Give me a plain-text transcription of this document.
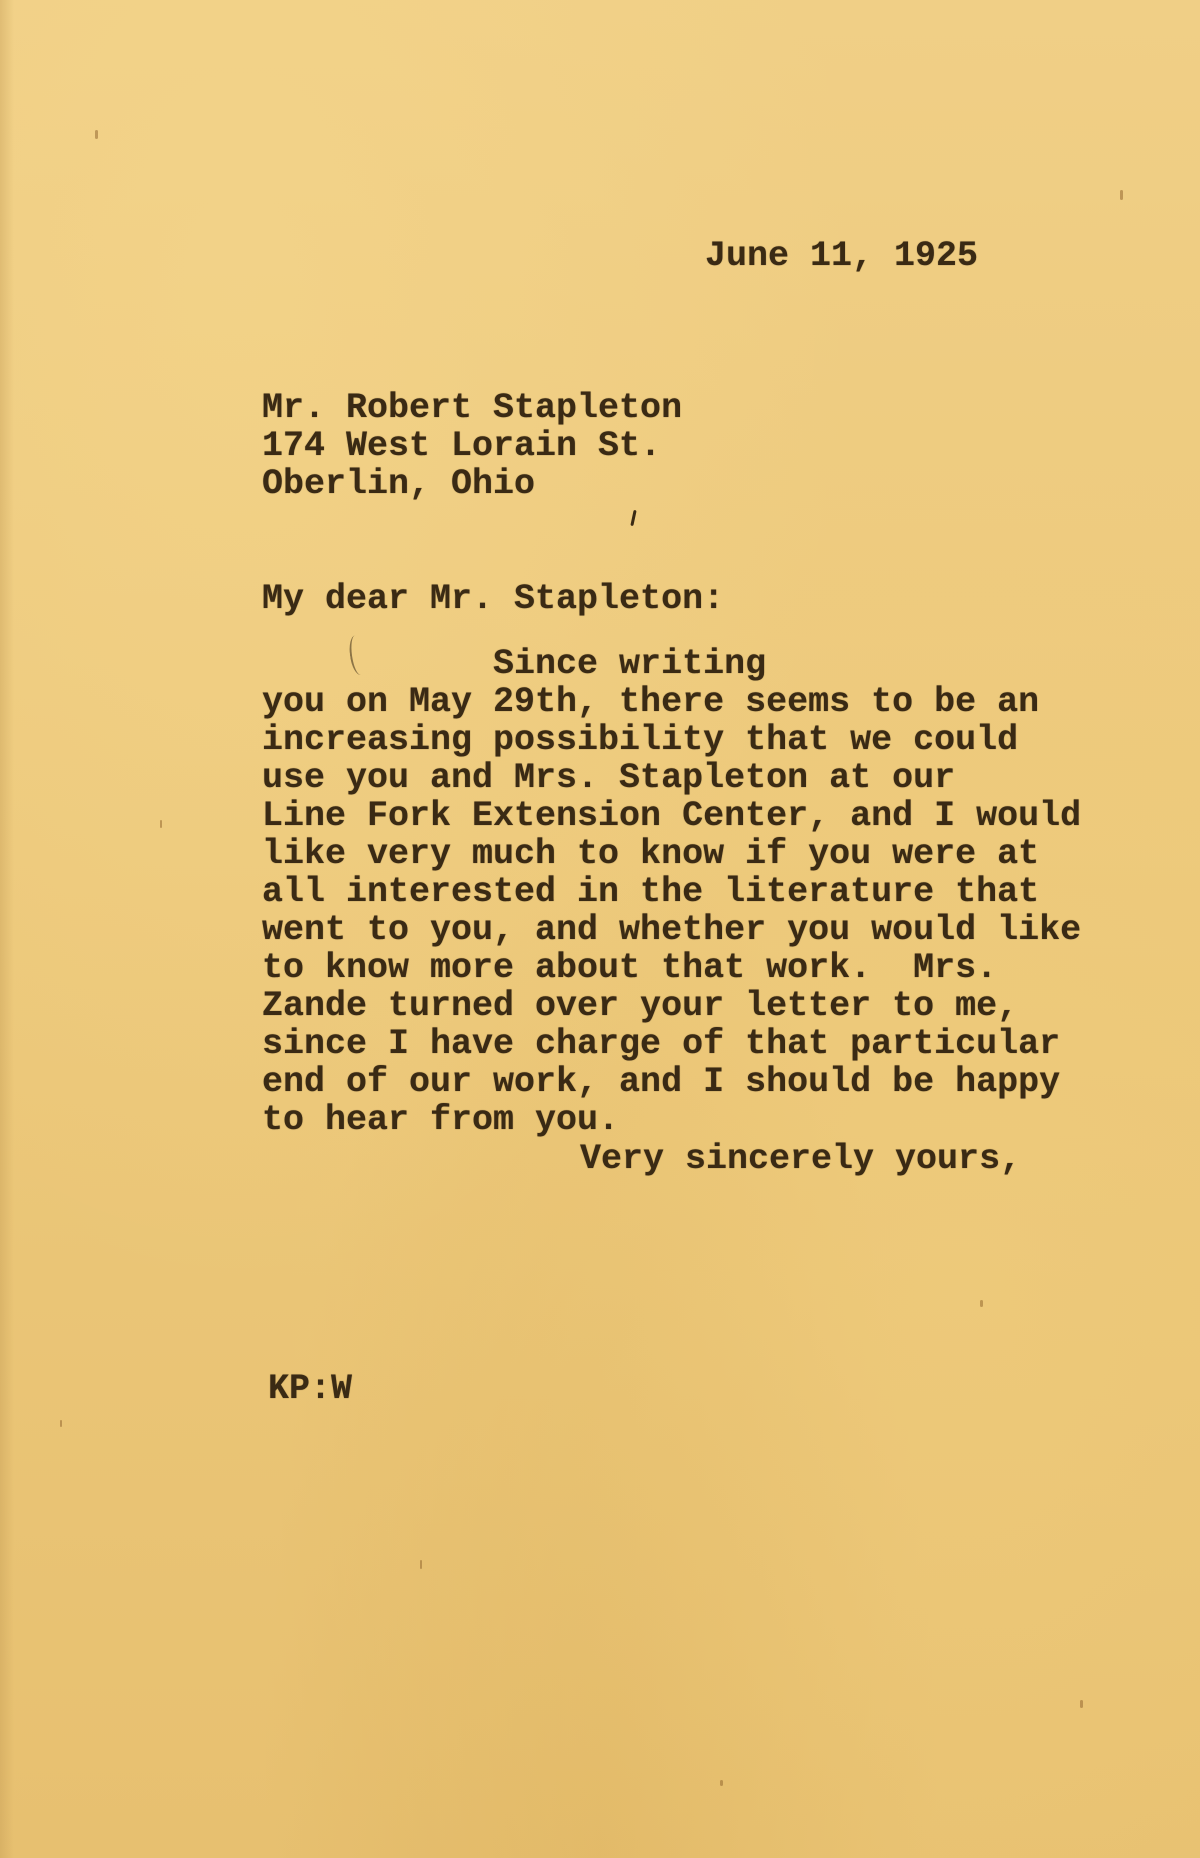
June 11, 1925

Mr. Robert Stapleton
174 West Lorain St.
Oberlin, Ohio

My dear Mr. Stapleton:

Since writing
you on May 29th, there seems to be an
increasing possibility that we could
use you and Mrs. Stapleton at our
Line Fork Extension Center, and I would
like very much to know if you were at
all interested in the literature that
went to you, and whether you would like
to know more about that work.  Mrs.
Zande turned over your letter to me,
since I have charge of that particular
end of our work, and I should be happy
to hear from you.

Very sincerely yours,

KP:W
